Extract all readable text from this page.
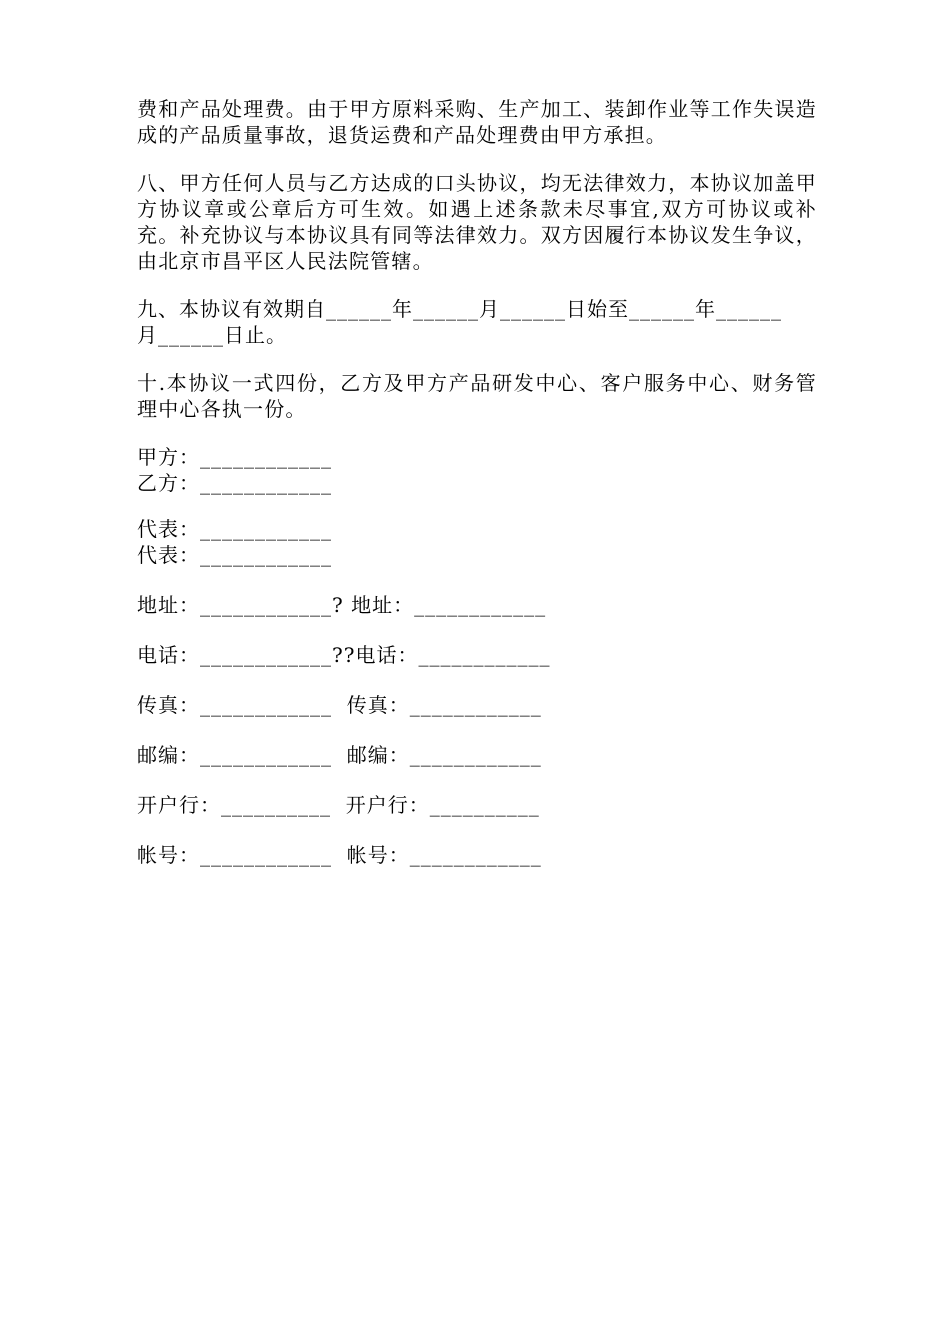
费和产品处理费。由于甲方原料采购、生产加工、装卸作业等工作失误造成的产品质量事故，退货运费和产品处理费由甲方承担。

八、甲方任何人员与乙方达成的口头协议，均无法律效力，本协议加盖甲方协议章或公章后方可生效。如遇上述条款未尽事宜,双方可协议或补充。补充协议与本协议具有同等法律效力。双方因履行本协议发生争议，由北京市昌平区人民法院管辖。

九、本协议有效期自______年______月______日始至______年______

月______日止。

十.本协议一式四份，乙方及甲方产品研发中心、客户服务中心、财务管理中心各执一份。

甲方：____________

乙方：____________

代表：____________

代表：____________

地址：____________? 地址：____________

电话：____________??电话：____________

传真：____________  传真：____________

邮编：____________  邮编：____________

开户行：__________  开户行：__________

帐号：____________  帐号：____________
